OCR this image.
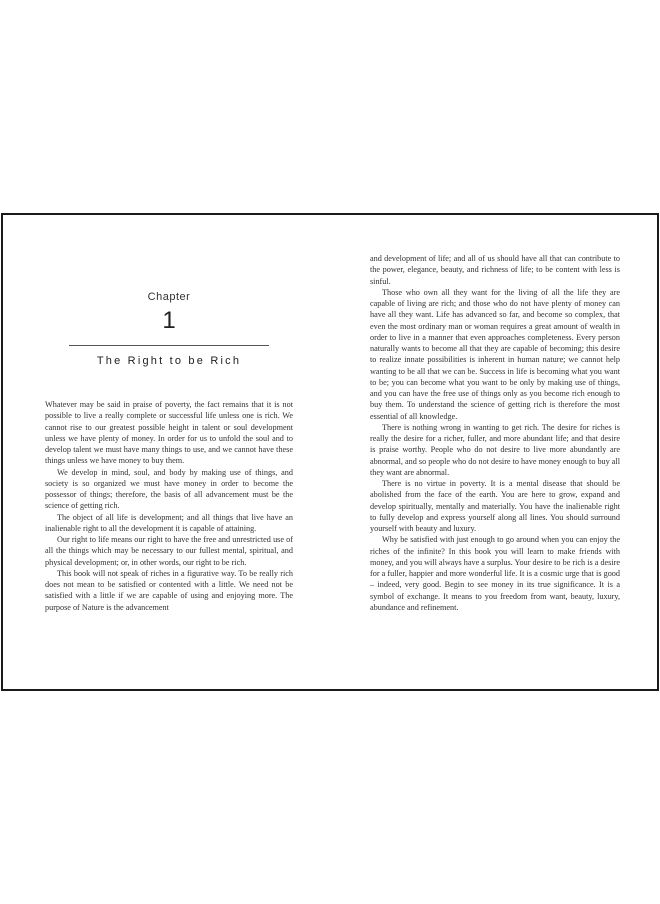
Chapter
1
The Right to be Rich

Whatever may be said in praise of poverty, the fact remains that it is not possible to live a really complete or successful life unless one is rich. We cannot rise to our greatest possible height in talent or soul development unless we have plenty of money. In order for us to unfold the soul and to develop talent we must have many things to use, and we cannot have these things unless we have money to buy them.

We develop in mind, soul, and body by making use of things, and society is so organized we must have money in order to become the possessor of things; therefore, the basis of all advancement must be the science of getting rich.

The object of all life is development; and all things that live have an inalienable right to all the development it is capable of attaining.

Our right to life means our right to have the free and unrestricted use of all the things which may be necessary to our fullest mental, spiritual, and physical development; or, in other words, our right to be rich.

This book will not speak of riches in a figurative way. To be really rich does not mean to be satisfied or contented with a little. We need not be satisfied with a little if we are capable of using and enjoying more. The purpose of Nature is the advancement

and development of life; and all of us should have all that can contribute to the power, elegance, beauty, and richness of life; to be content with less is sinful.

Those who own all they want for the living of all the life they are capable of living are rich; and those who do not have plenty of money can have all they want. Life has advanced so far, and become so complex, that even the most ordinary man or woman requires a great amount of wealth in order to live in a manner that even approaches completeness. Every person naturally wants to become all that they are capable of becoming; this desire to realize innate possibilities is inherent in human nature; we cannot help wanting to be all that we can be. Success in life is becoming what you want to be; you can become what you want to be only by making use of things, and you can have the free use of things only as you become rich enough to buy them. To understand the science of getting rich is therefore the most essential of all knowledge.

There is nothing wrong in wanting to get rich. The desire for riches is really the desire for a richer, fuller, and more abundant life; and that desire is praise worthy. People who do not desire to live more abundantly are abnormal, and so people who do not desire to have money enough to buy all they want are abnormal.

There is no virtue in poverty. It is a mental disease that should be abolished from the face of the earth. You are here to grow, expand and develop spiritually, mentally and materially. You have the inalienable right to fully develop and express yourself along all lines. You should surround yourself with beauty and luxury.

Why be satisfied with just enough to go around when you can enjoy the riches of the infinite? In this book you will learn to make friends with money, and you will always have a surplus. Your desire to be rich is a desire for a fuller, happier and more wonderful life. It is a cosmic urge that is good – indeed, very good. Begin to see money in its true significance. It is a symbol of exchange. It means to you freedom from want, beauty, luxury, abundance and refinement.
